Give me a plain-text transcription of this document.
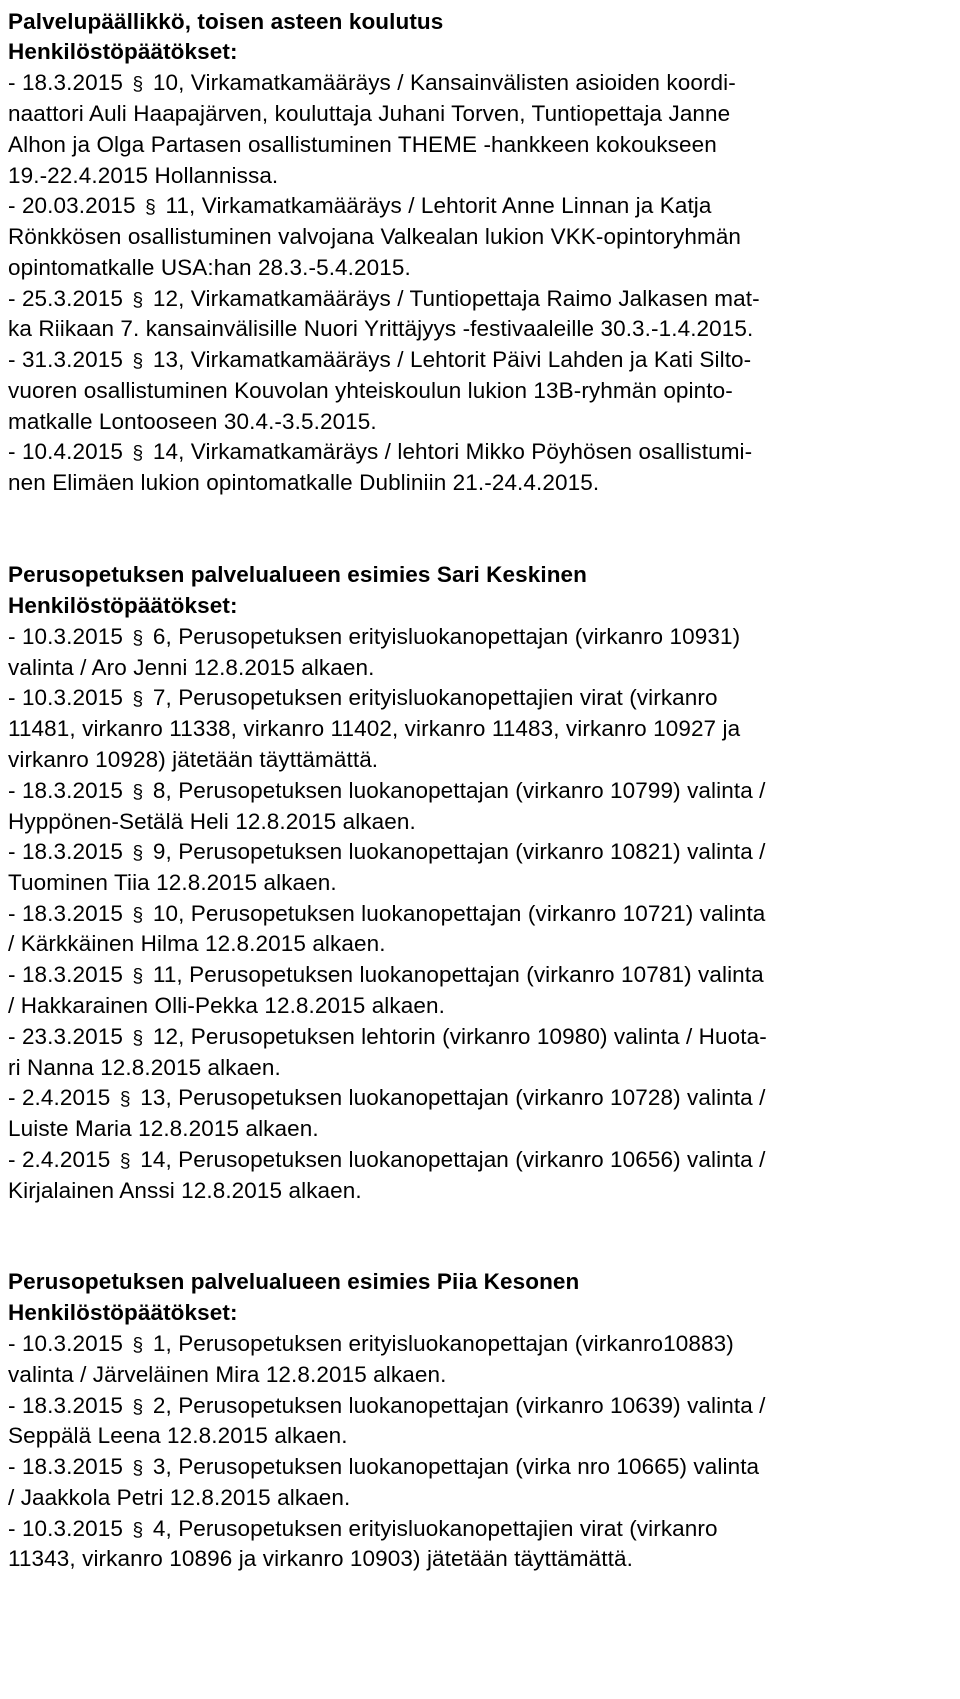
Palvelupäällikkö, toisen asteen koulutus
Henkilöstöpäätökset:
- 18.3.2015 § 10, Virkamatkamääräys / Kansainvälisten asioiden koordi-
naattori Auli Haapajärven, kouluttaja Juhani Torven, Tuntiopettaja Janne
Alhon ja Olga Partasen osallistuminen THEME -hankkeen kokoukseen
19.-22.4.2015 Hollannissa.
- 20.03.2015 § 11, Virkamatkamääräys / Lehtorit Anne Linnan ja Katja
Rönkkösen osallistuminen valvojana Valkealan lukion VKK-opintoryhmän
opintomatkalle USA:han 28.3.-5.4.2015.
- 25.3.2015 § 12, Virkamatkamääräys / Tuntiopettaja Raimo Jalkasen mat-
ka Riikaan 7. kansainvälisille Nuori Yrittäjyys -festivaaleille 30.3.-1.4.2015.
- 31.3.2015 § 13, Virkamatkamääräys / Lehtorit Päivi Lahden ja Kati Silto-
vuoren osallistuminen Kouvolan yhteiskoulun lukion 13B-ryhmän opinto-
matkalle Lontooseen 30.4.-3.5.2015.
- 10.4.2015 § 14, Virkamatkamäräys / lehtori Mikko Pöyhösen osallistumi-
nen Elimäen lukion opintomatkalle Dubliniin 21.-24.4.2015.
Perusopetuksen palvelualueen esimies Sari Keskinen
Henkilöstöpäätökset:
- 10.3.2015 § 6, Perusopetuksen erityisluokanopettajan (virkanro 10931)
valinta / Aro Jenni 12.8.2015 alkaen.
- 10.3.2015 § 7, Perusopetuksen erityisluokanopettajien virat (virkanro
11481, virkanro 11338, virkanro 11402, virkanro 11483, virkanro 10927 ja
virkanro 10928) jätetään täyttämättä.
- 18.3.2015 § 8, Perusopetuksen luokanopettajan (virkanro 10799) valinta /
Hyppönen-Setälä Heli 12.8.2015 alkaen.
- 18.3.2015 § 9, Perusopetuksen luokanopettajan (virkanro 10821) valinta /
Tuominen Tiia 12.8.2015 alkaen.
- 18.3.2015 § 10, Perusopetuksen luokanopettajan (virkanro 10721) valinta
/ Kärkkäinen Hilma 12.8.2015 alkaen.
- 18.3.2015 § 11, Perusopetuksen luokanopettajan (virkanro 10781) valinta
/ Hakkarainen Olli-Pekka 12.8.2015 alkaen.
- 23.3.2015 § 12, Perusopetuksen lehtorin (virkanro 10980) valinta / Huota-
ri Nanna 12.8.2015 alkaen.
- 2.4.2015 § 13, Perusopetuksen luokanopettajan (virkanro 10728) valinta /
Luiste Maria 12.8.2015 alkaen.
- 2.4.2015 § 14, Perusopetuksen luokanopettajan (virkanro 10656) valinta /
Kirjalainen Anssi 12.8.2015 alkaen.
Perusopetuksen palvelualueen esimies Piia Kesonen
Henkilöstöpäätökset:
- 10.3.2015 § 1, Perusopetuksen erityisluokanopettajan (virkanro10883)
valinta / Järveläinen Mira 12.8.2015 alkaen.
- 18.3.2015 § 2, Perusopetuksen luokanopettajan (virkanro 10639) valinta /
Seppälä Leena 12.8.2015 alkaen.
- 18.3.2015 § 3, Perusopetuksen luokanopettajan (virka nro 10665) valinta
/ Jaakkola Petri 12.8.2015 alkaen.
- 10.3.2015 § 4, Perusopetuksen erityisluokanopettajien virat (virkanro
11343, virkanro 10896 ja virkanro 10903) jätetään täyttämättä.
